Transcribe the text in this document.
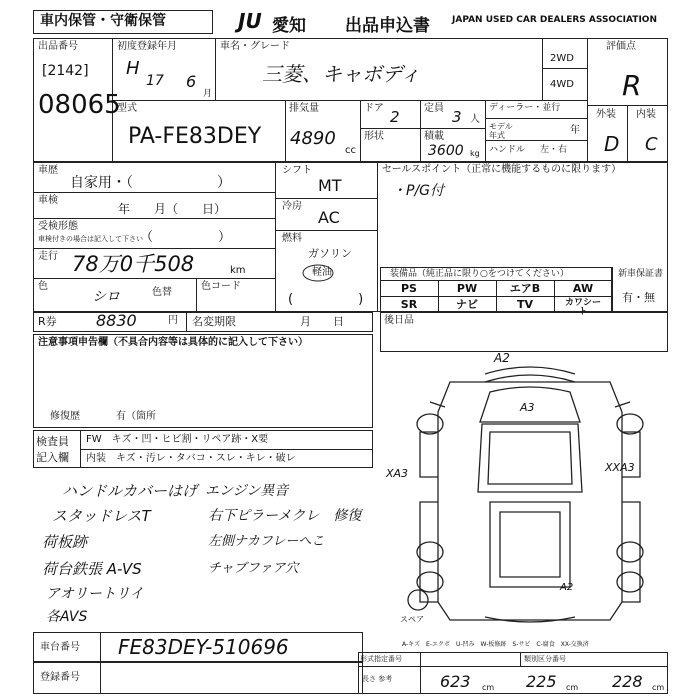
車内保管・守衛保管	JU 愛知 出品申込書 JAPAN USED CAR DEALERS ASSOCIATION
出品番号
[2142]
08065
初度登録年月
H
17 6
月
車名・グレード
三菱、キャボディ
2WD
4WD
評価点
R
外装 内装
D C
型式
PA-FE83DEY
排気量
4890
cc
ドア 2
形状
定員 3 人
積載
3600 kg
ディーラー・並行
モデル年式	年
ハンドル 左・右
車歴
自家用・（　　　　　　）
車検
年　　月（　　日）
受検形態
車検付きの場合は記入して下さい
（　　　　　）
走行 78万0千508	km
色
シロ	色替
色コード
シフト
MT
冷房
AC
燃料
ガソリン
軽油
(　　　　　)
セールスポイント（正常に機能するものに限ります）
・P/G付
装備品（純正品に限り○をつけてください）
PS	PW	エアB	AW
SR	ナビ	TV	カワシート
新車保証書
有・無
R券 8830	円 名変期限	月　　日	後日品
注意事項申告欄（不具合内容等は具体的に記入して下さい）
修復歴	有（箇所
検査員
記入欄
FW　キズ・凹・ヒビ割・リペア跡・X要
内装 キズ・汚レ・タバコ・スレ・キレ・破レ
ハンドルカバーはげ
スタッドレスT
荷板跡
荷台鉄張 A-VS
アオリートリイ
各AVS
エンジン異音
右下ピラーメクレ　修復
左側ナカフレーへこ
チャブファア穴
A2
A3
XA3	XXA3
A2
スペア
A-キズ　E-エクボ　U-凹み　W-板修跡　S-サビ　C-腐食　XX-交換済
車台番号 FE83DEY-510696
登録番号
形式指定番号	類別区分番号
長さ 参考	623 cm 225 cm 228 cm
